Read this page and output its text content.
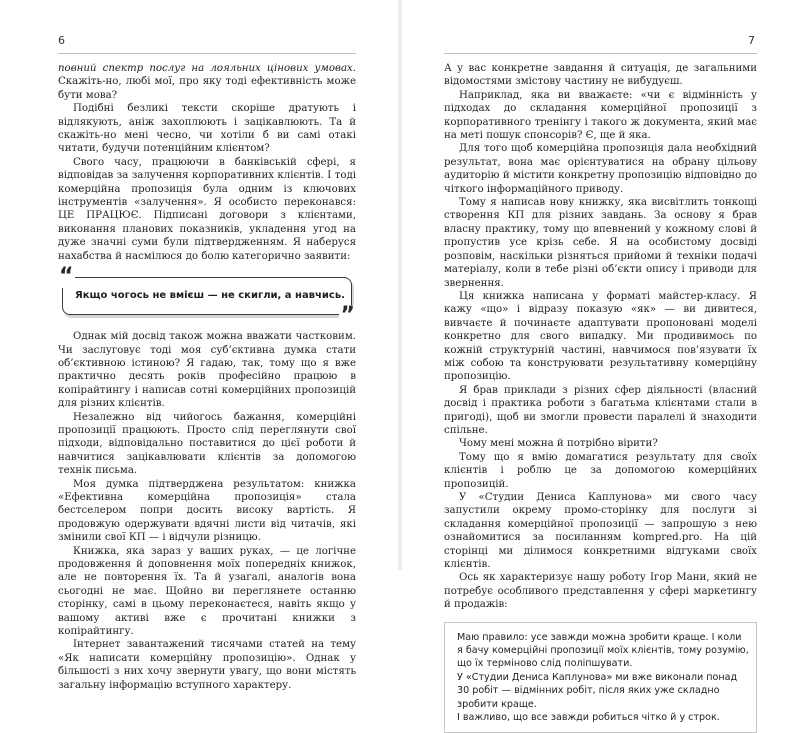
6

повний спектр послуг на лояльних цінових умовах. Скажіть-но, любі мої, про яку тоді ефективність може бути мова?

Подібні безликі тексти скоріше дратують і відлякують, аніж захоплюють і зацікавлюють. Та й скажіть-но мені чесно, чи хотіли б ви самі отакі читати, будучи потенційним клієнтом?

Свого часу, працюючи в банківській сфері, я відповідав за залучення корпоративних клієнтів. І тоді комерційна пропозиція була одним із ключових інструментів «залучення». Я особисто переконався: ЦЕ ПРАЦЮЄ. Підписані договори з клієнтами, виконання планових показників, укладення угод на дуже значні суми були підтвердженням. Я наберуся нахабства й насмілюся до болю категорично заявити:

“
Якщо чогось не вмієш — не скигли, а навчись.
”

Однак мій досвід також можна вважати частковим. Чи заслуговує тоді моя суб’єктивна думка стати об’єктивною істиною? Я гадаю, так, тому що я вже практично десять років професійно працюю в копірайтингу і написав сотні комерційних пропозицій для різних клієнтів.

Незалежно від чийогось бажання, комерційні пропозиції працюють. Просто слід переглянути свої підходи, відповідально поставитися до цієї роботи й навчитися зацікавлювати клієнтів за допомогою технік письма.

Моя думка підтверджена результатом: книжка «Ефективна комерційна пропозиція» стала бестселером попри досить високу вартість. Я продовжую одержувати вдячні листи від читачів, які змінили свої КП — і відчули різницю.

Книжка, яка зараз у ваших руках, — це логічне продовження й доповнення моїх попередніх книжок, але не повторення їх. Та й узагалі, аналогів вона сьогодні не має. Щойно ви переглянете останню сторінку, самі в цьому переконаєтеся, навіть якщо у вашому активі вже є прочитані книжки з копірайтингу.

Інтернет завантажений тисячами статей на тему «Як написати комерційну пропозицію». Однак у більшості з них хочу звернути увагу, що вони містять загальну інформацію вступного характеру.

7

А у вас конкретне завдання й ситуація, де загальними відомостями змістову частину не вибудуєш.

Наприклад, яка ви вважаєте: «чи є відмінність у підходах до складання комерційної пропозиції з корпоративного тренінгу і такого ж документа, який має на меті пошук спонсорів? Є, ще й яка.

Для того щоб комерційна пропозиція дала необхідний результат, вона має орієнтуватися на обрану цільову аудиторію й містити конкретну пропозицію відповідно до чіткого інформаційного приводу.

Тому я написав нову книжку, яка висвітлить тонкощі створення КП для різних завдань. За основу я брав власну практику, тому що впевнений у кожному слові й пропустив усе крізь себе. Я на особистому досвіді розповім, наскільки різняться прийоми й техніки подачі матеріалу, коли в тебе різні об’єкти опису і приводи для звернення.

Ця книжка написана у форматі майстер-класу. Я кажу «що» і відразу показую «як» — ви дивитеся, вивчаєте й починаєте адаптувати пропоновані моделі конкретно для свого випадку. Ми продивимось по кожній структурній частині, навчимося пов’язувати їх між собою та конструювати результативну комерційну пропозицію.

Я брав приклади з різних сфер діяльності (власний досвід і практика роботи з багатьма клієнтами стали в пригоді), щоб ви змогли провести паралелі й знаходити спільне.

Чому мені можна й потрібно вірити?

Тому що я вмію домагатися результату для своїх клієнтів і роблю це за допомогою комерційних пропозицій.

У «Студии Дениса Каплунова» ми свого часу запустили окрему промо-сторінку для послуги зі складання комерційної пропозиції — запрошую з нею ознайомитися за посиланням kompred.pro. На цій сторінці ми ділимося конкретними відгуками своїх клієнтів.

Ось як характеризує нашу роботу Ігор Мани, який не потребує особливого представлення у сфері маркетингу й продажів:

Маю правило: усе завжди можна зробити краще. І коли я бачу комерційні пропозиції моїх клієнтів, тому розумію, що їх терміново слід поліпшувати.

У «Студии Дениса Каплунова» ми вже виконали понад 30 робіт — відмінних робіт, після яких уже складно зробити краще.

І важливо, що все завжди робиться чітко й у строк.
